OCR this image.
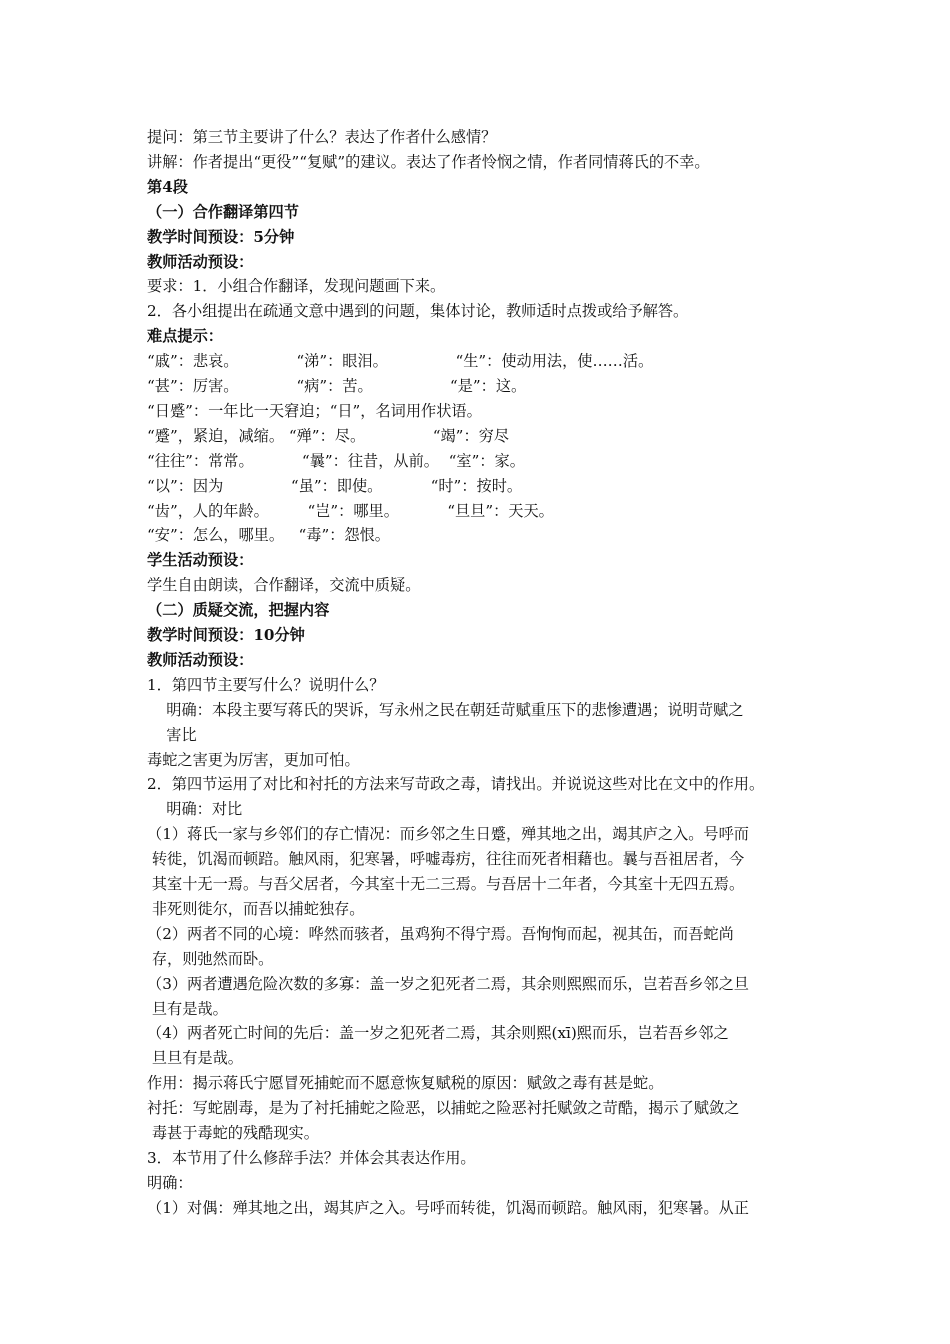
提问：第三节主要讲了什么？表达了作者什么感情？
讲解：作者提出“更役”“复赋”的建议。表达了作者怜悯之情，作者同情蒋氏的不幸。
第4段
（一）合作翻译第四节
教学时间预设：5分钟
教师活动预设：
要求：1．小组合作翻译，发现问题画下来。
2．各小组提出在疏通文意中遇到的问题，集体讨论，教师适时点拨或给予解答。
难点提示：
“戚”：悲哀。            “涕”：眼泪。              “生”：使动用法，使……活。
“甚”：厉害。            “病”：苦。                “是”：这。
“日蹙”：一年比一天窘迫；“日”，名词用作状语。
“蹙”，紧迫，减缩。 “殚”：尽。              “竭”：穷尽
“往往”：常常。          “曩”：往昔，从前。  “室”：家。
“以”：因为              “虽”：即使。          “时”：按时。
“齿”，人的年龄。        “岂”：哪里。          “旦旦”：天天。
“安”：怎么，哪里。   “毒”：怨恨。
学生活动预设：
学生自由朗读，合作翻译，交流中质疑。
（二）质疑交流，把握内容
教学时间预设：10分钟
教师活动预设：
1．第四节主要写什么？说明什么？
明确：本段主要写蒋氏的哭诉，写永州之民在朝廷苛赋重压下的悲惨遭遇；说明苛赋之
害比
毒蛇之害更为厉害，更加可怕。
2．第四节运用了对比和衬托的方法来写苛政之毒，请找出。并说说这些对比在文中的作用。
明确：对比
（1）蒋氏一家与乡邻们的存亡情况：而乡邻之生日蹙，殚其地之出，竭其庐之入。号呼而
转徙，饥渴而顿踣。触风雨，犯寒暑，呼嘘毒疠，往往而死者相藉也。曩与吾祖居者，今
其室十无一焉。与吾父居者，今其室十无二三焉。与吾居十二年者，今其室十无四五焉。
非死则徙尔，而吾以捕蛇独存。
（2）两者不同的心境：哗然而骇者，虽鸡狗不得宁焉。吾恂恂而起，视其缶，而吾蛇尚
存，则弛然而卧。
（3）两者遭遇危险次数的多寡：盖一岁之犯死者二焉，其余则熙熙而乐，岂若吾乡邻之旦
旦有是哉。
（4）两者死亡时间的先后：盖一岁之犯死者二焉，其余则熙(xī)熙而乐，岂若吾乡邻之
旦旦有是哉。
作用：揭示蒋氏宁愿冒死捕蛇而不愿意恢复赋税的原因：赋敛之毒有甚是蛇。
衬托：写蛇剧毒，是为了衬托捕蛇之险恶，以捕蛇之险恶衬托赋敛之苛酷，揭示了赋敛之
毒甚于毒蛇的残酷现实。
3．本节用了什么修辞手法？并体会其表达作用。
明确：
（1）对偶：殚其地之出，竭其庐之入。号呼而转徙，饥渴而顿踣。触风雨，犯寒暑。从正
